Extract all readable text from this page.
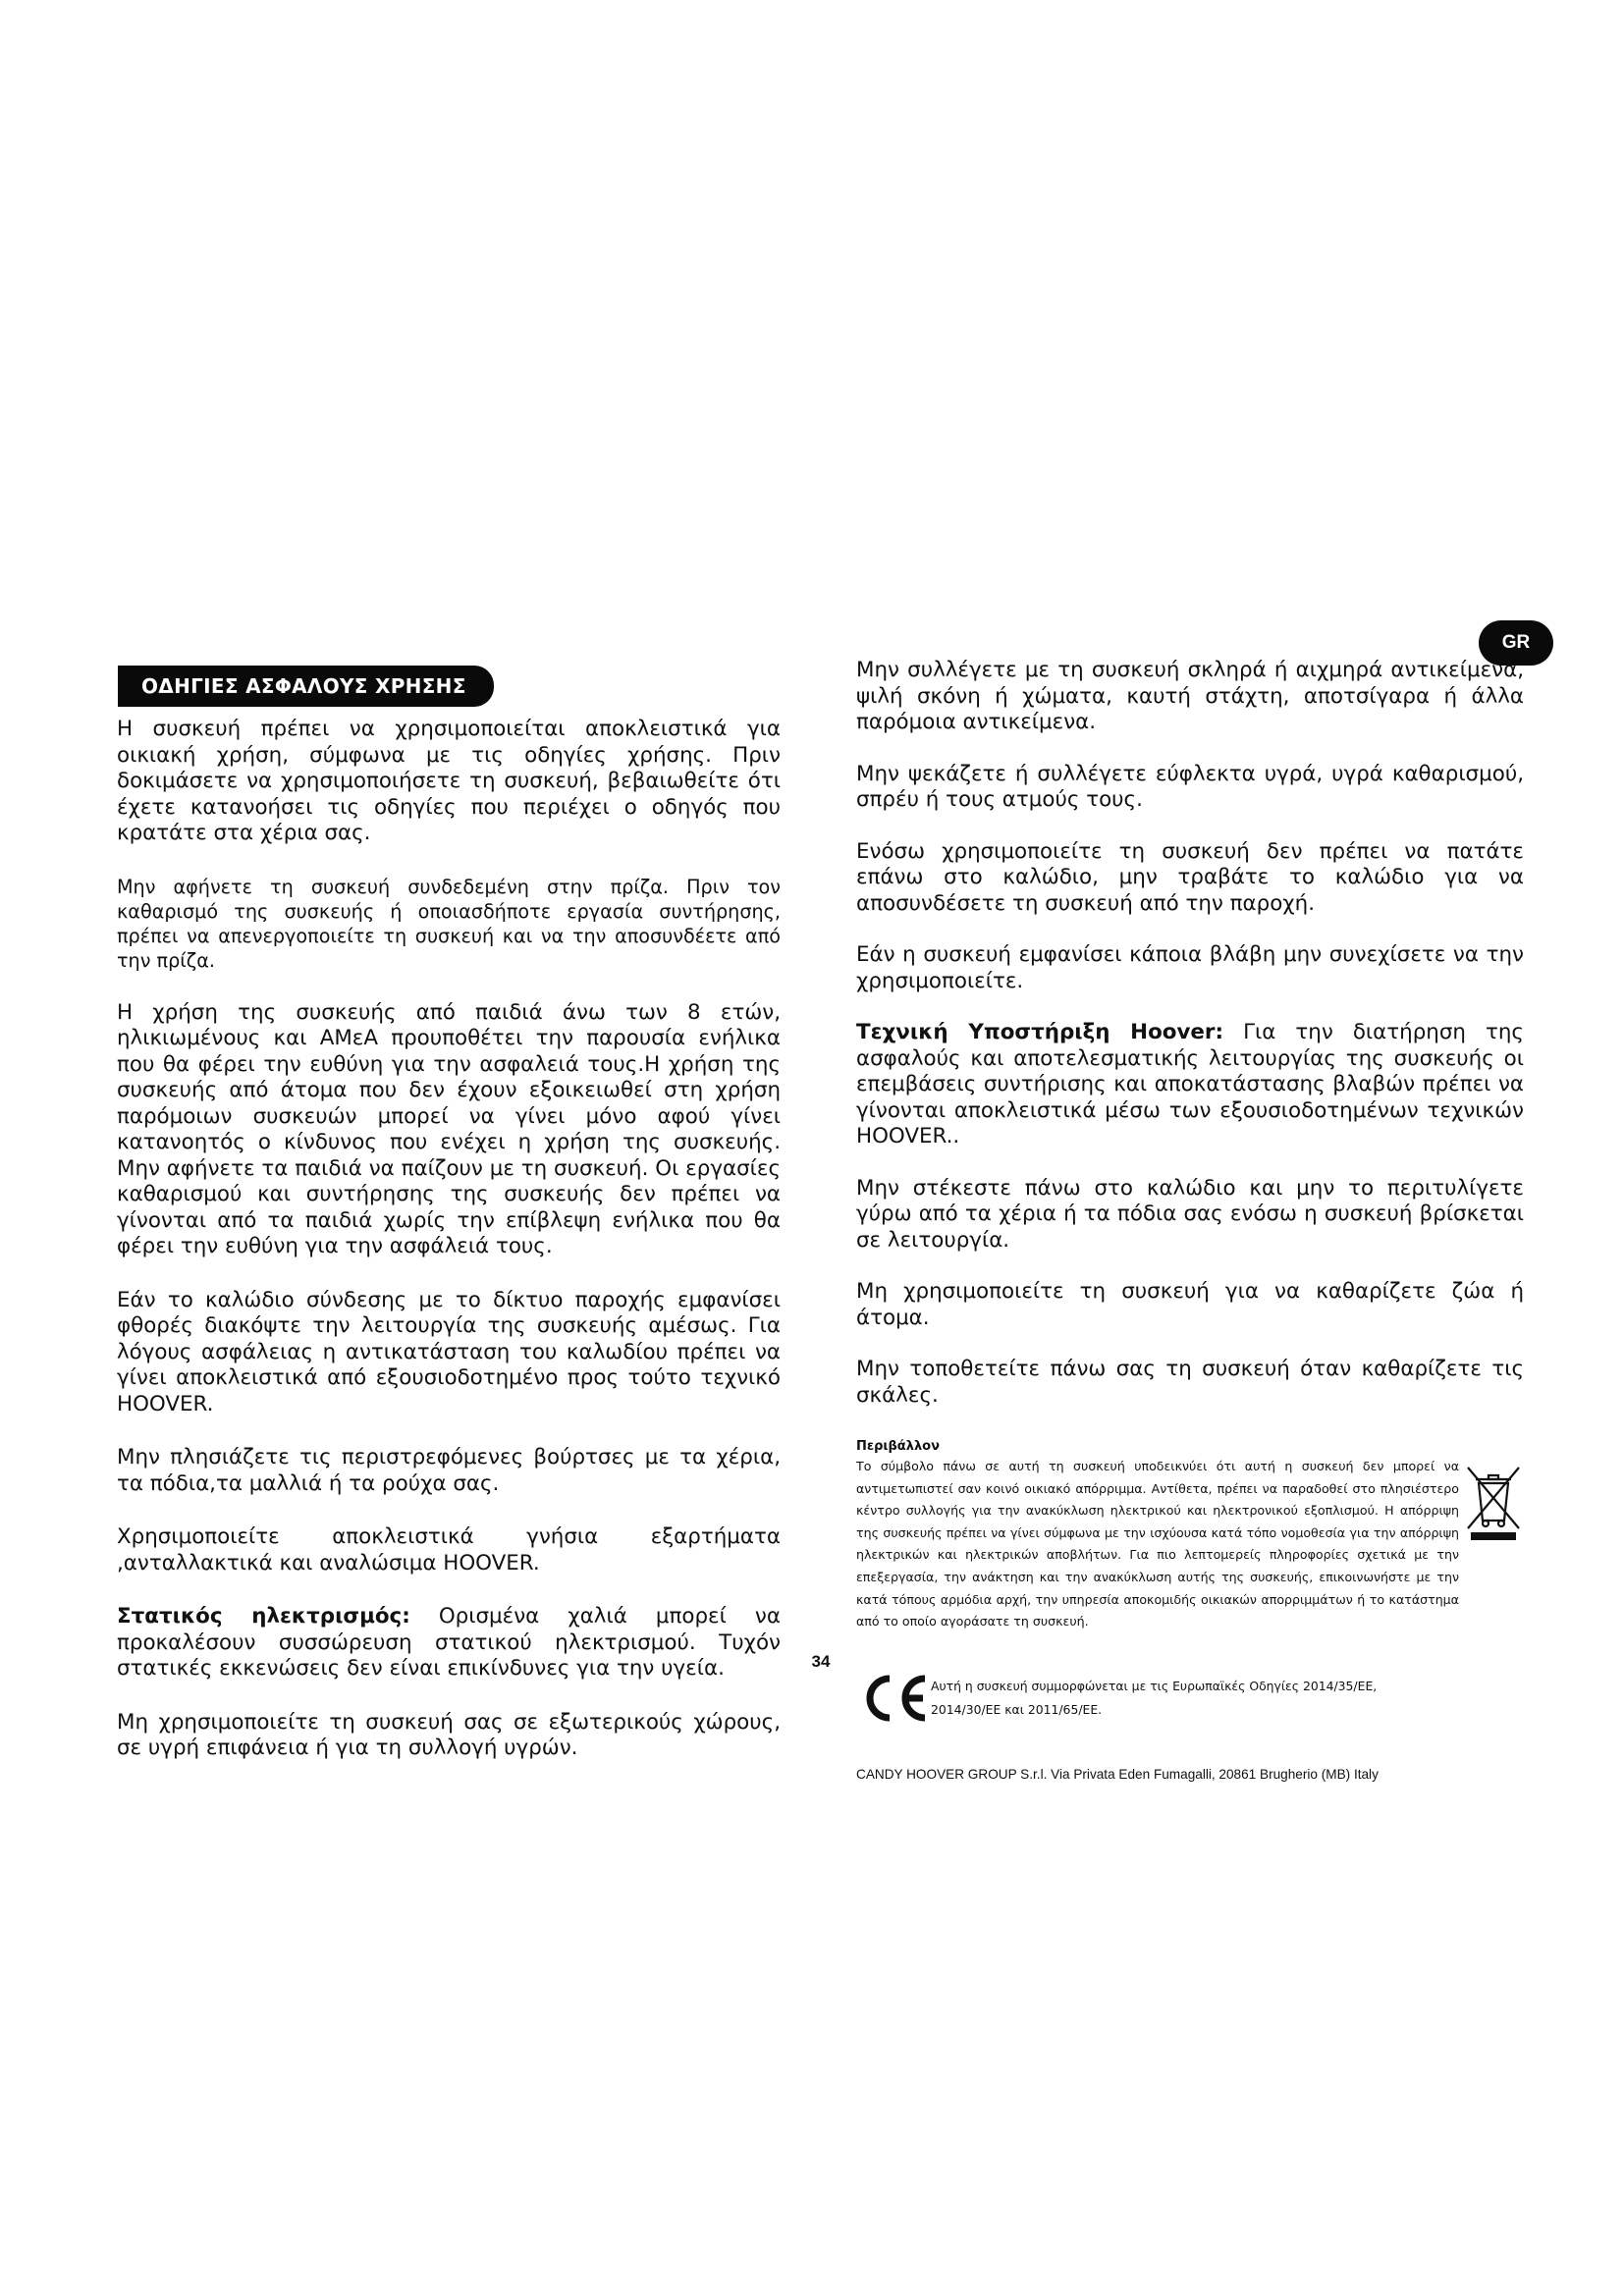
GR
ΟΔΗΓΙΕΣ ΑΣΦΑΛΟΥΣ ΧΡΗΣΗΣ

Η συσκευή πρέπει να χρησιμοποιείται αποκλειστικά για οικιακή χρήση, σύμφωνα με τις οδηγίες χρήσης. Πριν δοκιμάσετε να χρησιμοποιήσετε τη συσκευή, βεβαιωθείτε ότι έχετε κατανοήσει τις οδηγίες που περιέχει ο οδηγός που κρατάτε στα χέρια σας.

Μην αφήνετε τη συσκευή συνδεδεμένη στην πρίζα. Πριν τον καθαρισμό της συσκευής ή οποιασδήποτε εργασία συντήρησης, πρέπει να απενεργοποιείτε τη συσκευή και να την αποσυνδέετε από την πρίζα.

Η χρήση της συσκευής από παιδιά άνω των 8 ετών, ηλικιωμένους και ΑΜεΑ προυποθέτει την παρουσία ενήλικα που θα φέρει την ευθύνη για την ασφαλειά τους.Η χρήση της συσκευής από άτομα που δεν έχουν εξοικειωθεί στη χρήση παρόμοιων συσκευών μπορεί να γίνει μόνο αφού γίνει κατανοητός ο κίνδυνος που ενέχει η χρήση της συσκευής. Μην αφήνετε τα παιδιά να παίζουν με τη συσκευή. Οι εργασίες καθαρισμού και συντήρησης της συσκευής δεν πρέπει να γίνονται από τα παιδιά χωρίς την επίβλεψη ενήλικα που θα φέρει την ευθύνη για την ασφάλειά τους.

Εάν το καλώδιο σύνδεσης με το δίκτυο παροχής εμφανίσει φθορές διακόψτε την λειτουργία της συσκευής αμέσως. Για λόγους ασφάλειας η αντικατάσταση του καλωδίου πρέπει να γίνει αποκλειστικά από εξουσιοδοτημένο προς τούτο τεχνικό HOOVER.

Μην πλησιάζετε τις περιστρεφόμενες βούρτσες με τα χέρια, τα πόδια,τα μαλλιά ή τα ρούχα σας.

Χρησιμοποιείτε αποκλειστικά γνήσια εξαρτήματα ,ανταλλακτικά και αναλώσιμα HOOVER.

Στατικός ηλεκτρισμός: Ορισμένα χαλιά μπορεί να προκαλέσουν συσσώρευση στατικού ηλεκτρισμού. Τυχόν στατικές εκκενώσεις δεν είναι επικίνδυνες για την υγεία.

Μη χρησιμοποιείτε τη συσκευή σας σε εξωτερικούς χώρους, σε υγρή επιφάνεια ή για τη συλλογή υγρών.

Μην συλλέγετε με τη συσκευή σκληρά ή αιχμηρά αντικείμενα, ψιλή σκόνη ή χώματα, καυτή στάχτη, αποτσίγαρα ή άλλα παρόμοια αντικείμενα.

Μην ψεκάζετε ή συλλέγετε εύφλεκτα υγρά, υγρά καθαρισμού, σπρέυ ή τους ατμούς τους.

Ενόσω χρησιμοποιείτε τη συσκευή δεν πρέπει να πατάτε επάνω στο καλώδιο, μην τραβάτε το καλώδιο για να αποσυνδέσετε τη συσκευή από την παροχή.

Εάν η συσκευή εμφανίσει κάποια βλάβη μην συνεχίσετε να την χρησιμοποιείτε.

Τεχνική Υποστήριξη Hoover: Για την διατήρηση της ασφαλούς και αποτελεσματικής λειτουργίας της συσκευής οι επεμβάσεις συντήρισης και αποκατάστασης βλαβών πρέπει να γίνονται αποκλειστικά μέσω των εξουσιοδοτημένων τεχνικών HOOVER..

Μην στέκεστε πάνω στο καλώδιο και μην το περιτυλίγετε γύρω από τα χέρια ή τα πόδια σας ενόσω η συσκευή βρίσκεται σε λειτουργία.

Μη χρησιμοποιείτε τη συσκευή για να καθαρίζετε ζώα ή άτομα.

Μην τοποθετείτε πάνω σας τη συσκευή όταν καθαρίζετε τις σκάλες.

Περιβάλλον
Το σύμβολο πάνω σε αυτή τη συσκευή υποδεικνύει ότι αυτή η συσκευή δεν μπορεί να αντιμετωπιστεί σαν κοινό οικιακό απόρριμμα. Αντίθετα, πρέπει να παραδοθεί στο πλησιέστερο κέντρο συλλογής για την ανακύκλωση ηλεκτρικού και ηλεκτρονικού εξοπλισμού. Η απόρριψη της συσκευής πρέπει να γίνει σύμφωνα με την ισχύουσα κατά τόπο νομοθεσία για την απόρριψη ηλεκτρικών και ηλεκτρικών αποβλήτων. Για πιο λεπτομερείς πληροφορίες σχετικά με την επεξεργασία, την ανάκτηση και την ανακύκλωση αυτής της συσκευής, επικοινωνήστε με την κατά τόπους αρμόδια αρχή, την υπηρεσία αποκομιδής οικιακών απορριμμάτων ή το κατάστημα από το οποίο αγοράσατε τη συσκευή.
Αυτή η συσκευή συμμορφώνεται με τις Ευρωπαϊκές Οδηγίες 2014/35/ΕΕ, 2014/30/ΕΕ και 2011/65/ΕΕ.
CANDY HOOVER GROUP S.r.l. Via Privata Eden Fumagalli, 20861 Brugherio (MB) Italy
34
